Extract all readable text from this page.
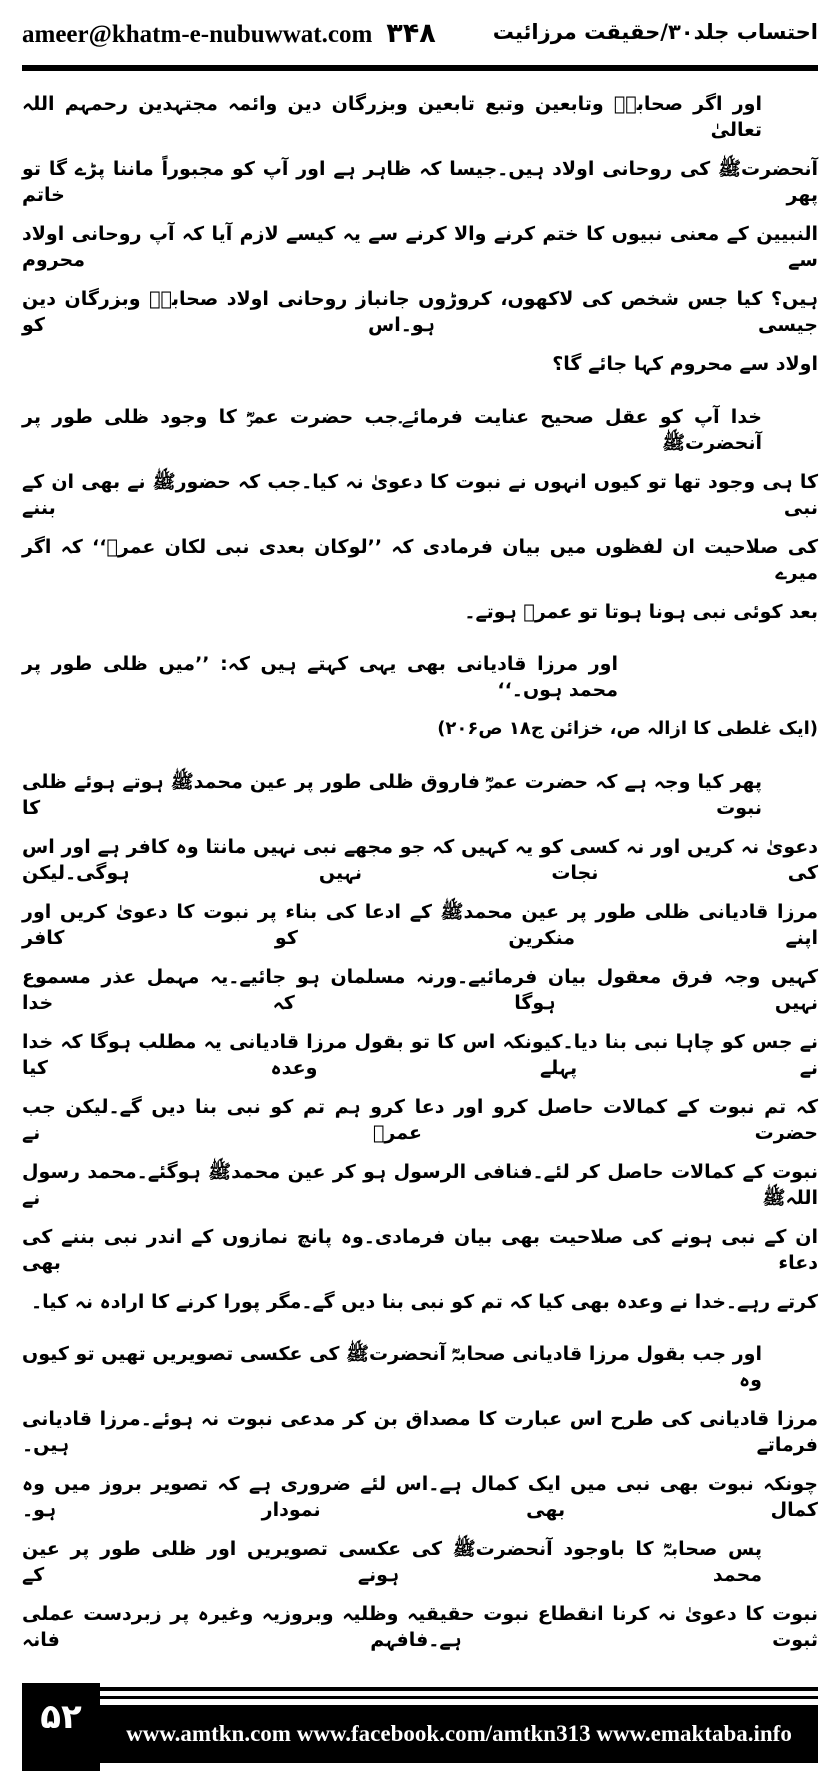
ameer@khatm-e-nubuwwat.com ۳۴۸	احتساب جلد۳۰/حقیقت مرزائیت
اور اگر صحابہؓ وتابعین وتبع تابعین وبزرگان دین وائمہ مجتہدین رحمہم اللہ تعالیٰ
آنحضرتﷺ کی روحانی اولاد ہیں۔جیسا کہ ظاہر ہے اور آپ کو مجبوراً ماننا پڑے گا تو پھر خاتم
النبیین کے معنی نبیوں کا ختم کرنے والا کرنے سے یہ کیسے لازم آیا کہ آپ روحانی اولاد سے محروم
ہیں؟ کیا جس شخص کی لاکھوں، کروڑوں جانباز روحانی اولاد صحابہؓ وبزرگان دین جیسی ہو۔اس کو
اولاد سے محروم کہا جائے گا؟
خدا آپ کو عقل صحیح عنایت فرمائے۔جب حضرت عمرؓ کا وجود ظلی طور پر آنحضرتﷺ
کا ہی وجود تھا تو کیوں انہوں نے نبوت کا دعویٰ نہ کیا۔جب کہ حضورﷺ نے بھی ان کے نبی بننے
کی صلاحیت ان لفظوں میں بیان فرمادی کہ ’’لوکان بعدی نبی لکان عمرؓ‘‘ کہ اگر میرے
بعد کوئی نبی ہونا ہوتا تو عمرؓ ہوتے۔
اور مرزا قادیانی بھی یہی کہتے ہیں کہ: ’’میں ظلی طور پر محمد ہوں۔‘‘
(ایک غلطی کا ازالہ ص، خزائن ج۱۸ ص۲۰۶)
پھر کیا وجہ ہے کہ حضرت عمرؓ فاروق ظلی طور پر عین محمدﷺ ہوتے ہوئے ظلی نبوت کا
دعویٰ نہ کریں اور نہ کسی کو یہ کہیں کہ جو مجھے نبی نہیں مانتا وہ کافر ہے اور اس کی نجات نہیں ہوگی۔لیکن
مرزا قادیانی ظلی طور پر عین محمدﷺ کے ادعا کی بناء پر نبوت کا دعویٰ کریں اور اپنے منکرین کو کافر
کہیں وجہ فرق معقول بیان فرمائیے۔ورنہ مسلمان ہو جائیے۔یہ مہمل عذر مسموع نہیں ہوگا کہ خدا
نے جس کو چاہا نبی بنا دیا۔کیونکہ اس کا تو بقول مرزا قادیانی یہ مطلب ہوگا کہ خدا نے پہلے وعدہ کیا
کہ تم نبوت کے کمالات حاصل کرو اور دعا کرو ہم تم کو نبی بنا دیں گے۔لیکن جب حضرت عمرؓ نے
نبوت کے کمالات حاصل کر لئے۔فنافی الرسول ہو کر عین محمدﷺ ہوگئے۔محمد رسول اللہﷺ نے
ان کے نبی ہونے کی صلاحیت بھی بیان فرمادی۔وہ پانچ نمازوں کے اندر نبی بننے کی دعاء بھی
کرتے رہے۔خدا نے وعدہ بھی کیا کہ تم کو نبی بنا دیں گے۔مگر پورا کرنے کا ارادہ نہ کیا۔
اور جب بقول مرزا قادیانی صحابہؓ آنحضرتﷺ کی عکسی تصویریں تھیں تو کیوں وہ
مرزا قادیانی کی طرح اس عبارت کا مصداق بن کر مدعی نبوت نہ ہوئے۔مرزا قادیانی فرماتے ہیں۔
چونکہ نبوت بھی نبی میں ایک کمال ہے۔اس لئے ضروری ہے کہ تصویر بروز میں وہ کمال بھی نمودار ہو۔
پس صحابہؓ کا باوجود آنحضرتﷺ کی عکسی تصویریں اور ظلی طور پر عین محمد ہونے کے
نبوت کا دعویٰ نہ کرنا انقطاع نبوت حقیقیہ وظلیہ وبروزیہ وغیرہ پر زبردست عملی ثبوت ہے۔فافہم فانہ
۵۲	www.amtkn.com www.facebook.com/amtkn313 www.emaktaba.info
